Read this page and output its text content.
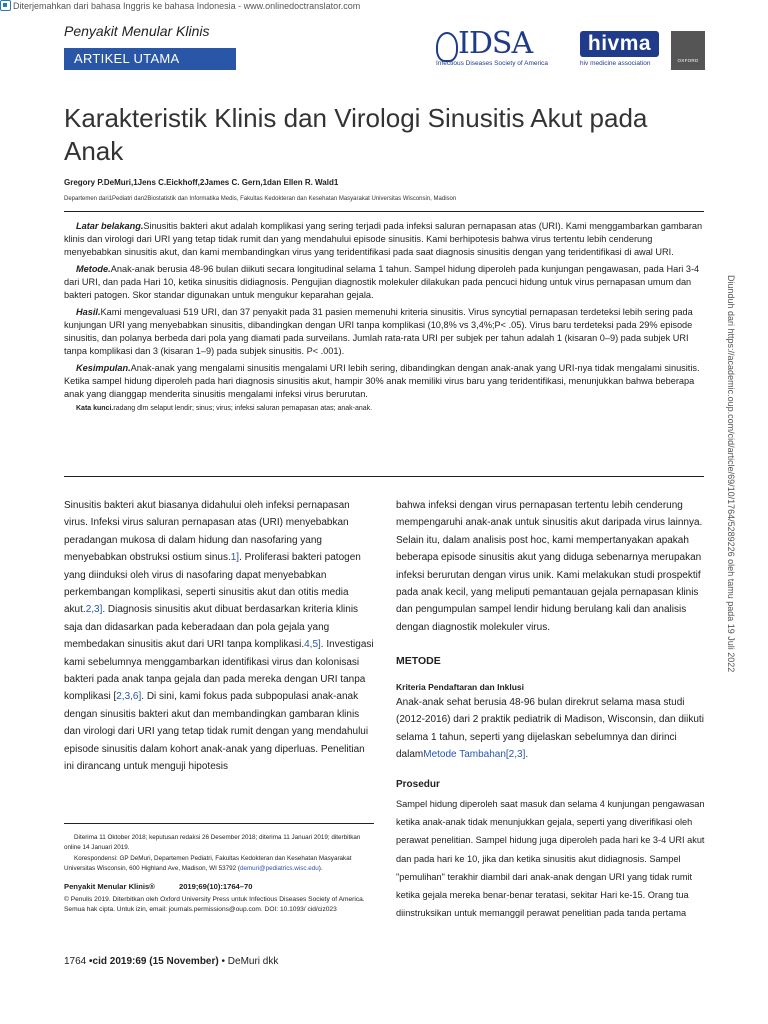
Diterjemahkan dari bahasa Inggris ke bahasa Indonesia - www.onlinedoctranslator.com
Penyakit Menular Klinis
ARTIKEL UTAMA	IDSA
Infectious Diseases Society of America
hivma
hiv medicine association	OXFORD
Karakteristik Klinis dan Virologi Sinusitis Akut pada Anak
Gregory P.DeMuri,1Jens C.Eickhoff,2James C. Gern,1dan Ellen R. Wald1
Departemen dari1Pediatri dan2Biostatistik dan Informatika Medis, Fakultas Kedokteran dan Kesehatan Masyarakat Universitas Wisconsin, Madison

Latar belakang.Sinusitis bakteri akut adalah komplikasi yang sering terjadi pada infeksi saluran pernapasan atas (URI). Kami menggambarkan gambaran klinis dan virologi dari URI yang tetap tidak rumit dan yang mendahului episode sinusitis. Kami berhipotesis bahwa virus tertentu lebih cenderung menyebabkan sinusitis akut, dan kami membandingkan virus yang teridentifikasi pada saat diagnosis sinusitis dengan yang teridentifikasi di awal URI.

Metode.Anak-anak berusia 48-96 bulan diikuti secara longitudinal selama 1 tahun. Sampel hidung diperoleh pada kunjungan pengawasan, pada Hari 3-4 dari URI, dan pada Hari 10, ketika sinusitis didiagnosis. Pengujian diagnostik molekuler dilakukan pada pencuci hidung untuk virus pernapasan umum dan bakteri patogen. Skor standar digunakan untuk mengukur keparahan gejala.

Hasil.Kami mengevaluasi 519 URI, dan 37 penyakit pada 31 pasien memenuhi kriteria sinusitis. Virus syncytial pernapasan terdeteksi lebih sering pada kunjungan URI yang menyebabkan sinusitis, dibandingkan dengan URI tanpa komplikasi (10,8% vs 3,4%;P< .05). Virus baru terdeteksi pada 29% episode sinusitis, dan polanya berbeda dari pola yang diamati pada surveilans. Jumlah rata-rata URI per subjek per tahun adalah 1 (kisaran 0–9) pada subjek URI tanpa komplikasi dan 3 (kisaran 1–9) pada subjek sinusitis. P< .001).

Kesimpulan.Anak-anak yang mengalami sinusitis mengalami URI lebih sering, dibandingkan dengan anak-anak yang URI-nya tidak mengalami sinusitis. Ketika sampel hidung diperoleh pada hari diagnosis sinusitis akut, hampir 30% anak memiliki virus baru yang teridentifikasi, menunjukkan bahwa beberapa anak yang dianggap menderita sinusitis mengalami infeksi virus berurutan.

Kata kunci.radang dlm selaput lendir; sinus; virus; infeksi saluran pernapasan atas; anak-anak.

Sinusitis bakteri akut biasanya didahului oleh infeksi pernapasan virus. Infeksi virus saluran pernapasan atas (URI) menyebabkan peradangan mukosa di dalam hidung dan nasofaring yang menyebabkan obstruksi ostium sinus.1]. Proliferasi bakteri patogen yang diinduksi oleh virus di nasofaring dapat menyebabkan perkembangan komplikasi, seperti sinusitis akut dan otitis media akut.2,3]. Diagnosis sinusitis akut dibuat berdasarkan kriteria klinis saja dan didasarkan pada keberadaan dan pola gejala yang membedakan sinusitis akut dari URI tanpa komplikasi.4,5]. Investigasi kami sebelumnya menggambarkan identifikasi virus dan kolonisasi bakteri pada anak tanpa gejala dan pada mereka dengan URI tanpa komplikasi [2,3,6]. Di sini, kami fokus pada subpopulasi anak-anak dengan sinusitis bakteri akut dan membandingkan gambaran klinis dan virologi dari URI yang tetap tidak rumit dengan yang mendahului episode sinusitis dalam kohort anak-anak yang diperluas. Penelitian ini dirancang untuk menguji hipotesis

bahwa infeksi dengan virus pernapasan tertentu lebih cenderung mempengaruhi anak-anak untuk sinusitis akut daripada virus lainnya. Selain itu, dalam analisis post hoc, kami mempertanyakan apakah beberapa episode sinusitis akut yang diduga sebenarnya merupakan infeksi berurutan dengan virus unik. Kami melakukan studi prospektif pada anak kecil, yang meliputi pemantauan gejala pernapasan klinis dan pengumpulan sampel lendir hidung berulang kali dan analisis dengan diagnostik molekuler virus.

METODE
Kriteria Pendaftaran dan Inklusi

Anak-anak sehat berusia 48-96 bulan direkrut selama masa studi (2012-2016) dari 2 praktik pediatrik di Madison, Wisconsin, dan diikuti selama 1 tahun, seperti yang dijelaskan sebelumnya dan dirinci dalamMetode Tambahan[2,3].

Prosedur

Sampel hidung diperoleh saat masuk dan selama 4 kunjungan pengawasan ketika anak-anak tidak menunjukkan gejala, seperti yang diverifikasi oleh perawat penelitian. Sampel hidung juga diperoleh pada hari ke 3-4 URI akut dan pada hari ke 10, jika dan ketika sinusitis akut didiagnosis. Sampel "pemulihan" terakhir diambil dari anak-anak dengan URI yang tidak rumit ketika gejala mereka benar-benar teratasi, sekitar Hari ke-15. Orang tua diinstruksikan untuk memanggil perawat penelitian pada tanda pertama

Diterima 11 Oktober 2018; keputusan redaksi 26 Desember 2018; diterima 11 Januari 2019; diterbitkan online 14 Januari 2019.

Korespondensi: GP DeMuri, Departemen Pediatri, Fakultas Kedokteran dan Kesehatan Masyarakat Universitas Wisconsin, 600 Highland Ave, Madison, WI 53792 (demuri@pediatrics.wisc.edu).

Penyakit Menular Klinis®	2019;69(10):1764–70
© Penulis 2019. Diterbitkan oleh Oxford University Press untuk Infectious Diseases Society of America. Semua hak cipta. Untuk izin, email: journals.permissions@oup.com. DOI: 10.1093/ cid/ciz023
1764 •cid 2019:69 (15 November) • DeMuri dkk
Diunduh dari https://academic.oup.com/cid/article/69/10/1764/5289226 oleh tamu pada 19 Juli 2022
